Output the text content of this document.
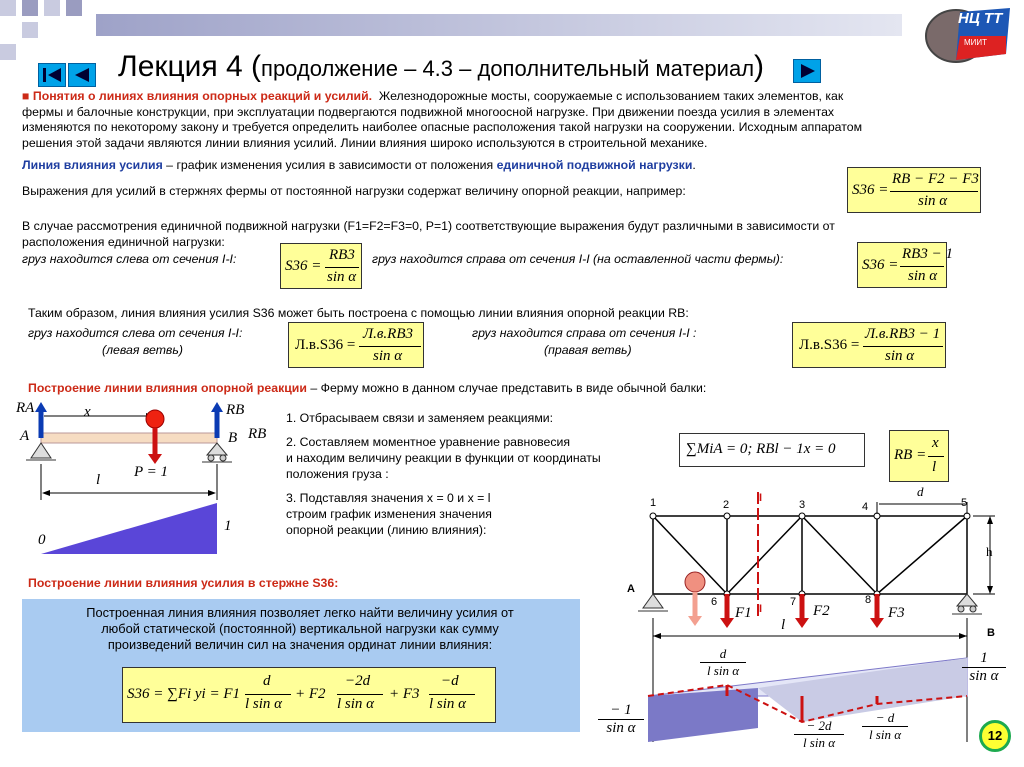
НЦ ТТ
МИИТ
Лекция 4 (продолжение – 4.3 – дополнительный материал)
■ Понятия о линиях влияния опорных реакций и усилий. Железнодорожные мосты, сооружаемые с использованием таких элементов, как
фермы и балочные конструкции, при эксплуатации подвергаются подвижной многоосной нагрузке. При движении поезда усилия в элементах
изменяются по некоторому закону и требуется определить наиболее опасные расположения такой нагрузки на сооружении. Исходным аппаратом
решения этой задачи являются линии влияния усилий. Линии влияния широко используются в строительной механике.
Линия влияния усилия – график изменения усилия в зависимости от положения единичной подвижной нагрузки.
Выражения для усилий в стержнях фермы от постоянной нагрузки содержат величину опорной реакции, например:	S36 =
RB − F2 − F3
sin α
В случае рассмотрения единичной подвижной нагрузки (F1=F2=F3=0, P=1) соответствующие выражения будут различными в зависимости от
расположения единичной нагрузки:
груз находится слева от сечения I-I:	S36 =
RB3
sin α
груз находится справа от сечения I-I (на оставленной части фермы):	S36 =
RB3 − 1
sin α
Таким образом, линия влияния усилия S36 может быть построена с помощью линии влияния опорной реакции RB:
груз находится слева от сечения I-I:
(левая ветвь)	Л.в.S36 =
Л.в.RB3
sin α
груз находится справа от сечения I-I :
(правая ветвь)	Л.в.S36 =
Л.в.RB3 − 1
sin α
Построение линии влияния опорной реакции – Ферму можно в данном случае представить в виде обычной балки:
RA
A
x	RB
RB
B
P = 1
l
0
1
1. Отбрасываем связи и заменяем реакциями:
2. Составляем моментное уравнение равновесия
и находим величину реакции в функции от координаты
положения груза :
∑MiA = 0; RBl − 1x = 0	RB =
x
l
3. Подставляя значения x = 0 и x = l
строим график изменения значения
опорной реакции (линию влияния):
Построение линии влияния усилия в стержне S36:
Построенная линия влияния позволяет легко найти величину усилия от
любой статической (постоянной) вертикальной нагрузки как сумму
произведений величин сил на значения ординат линии влияния:
S36 = ∑Fi yi = F1
d
l sin α
+ F2
−2d
l sin α
+ F3
−d
l sin α
1	2	3	4	5
6	7	8
d
h
A
B
l
I
I
F1	F2	F3
d
l sin α
1
sin α
− 1
sin α	− 2d
l sin α
− d
l sin α	12
